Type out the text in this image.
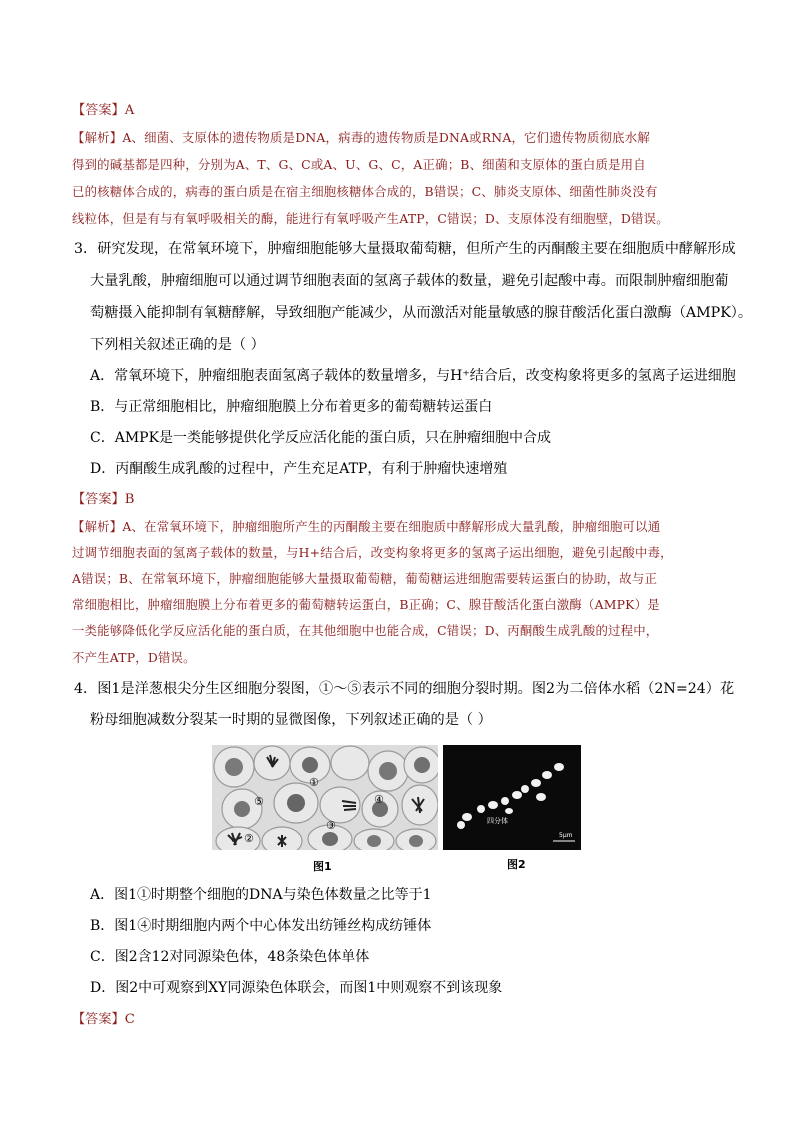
【答案】A
【解析】A、细菌、支原体的遗传物质是DNA，病毒的遗传物质是DNA或RNA，它们遗传物质彻底水解
得到的碱基都是四种，分别为A、T、G、C或A、U、G、C，A正确；B、细菌和支原体的蛋白质是用自
已的核糖体合成的，病毒的蛋白质是在宿主细胞核糖体合成的，B错误；C、肺炎支原体、细菌性肺炎没有
线粒体，但是有与有氧呼吸相关的酶，能进行有氧呼吸产生ATP，C错误；D、支原体没有细胞壁，D错误。
3．研究发现，在常氧环境下，肿瘤细胞能够大量摄取葡萄糖，但所产生的丙酮酸主要在细胞质中酵解形成
大量乳酸，肿瘤细胞可以通过调节细胞表面的氢离子载体的数量，避免引起酸中毒。而限制肿瘤细胞葡
萄糖摄入能抑制有氧糖酵解，导致细胞产能减少，从而激活对能量敏感的腺苷酸活化蛋白激酶（AMPK）。
下列相关叙述正确的是（ ）
A．常氧环境下，肿瘤细胞表面氢离子载体的数量增多，与H⁺结合后，改变构象将更多的氢离子运进细胞
B．与正常细胞相比，肿瘤细胞膜上分布着更多的葡萄糖转运蛋白
C．AMPK是一类能够提供化学反应活化能的蛋白质，只在肿瘤细胞中合成
D．丙酮酸生成乳酸的过程中，产生充足ATP，有利于肿瘤快速增殖
【答案】B
【解析】A、在常氧环境下，肿瘤细胞所产生的丙酮酸主要在细胞质中酵解形成大量乳酸，肿瘤细胞可以通
过调节细胞表面的氢离子载体的数量，与H+结合后，改变构象将更多的氢离子运出细胞，避免引起酸中毒，
A错误；B、在常氧环境下，肿瘤细胞能够大量摄取葡萄糖，葡萄糖运进细胞需要转运蛋白的协助，故与正
常细胞相比，肿瘤细胞膜上分布着更多的葡萄糖转运蛋白，B正确；C、腺苷酸活化蛋白激酶（AMPK）是
一类能够降低化学反应活化能的蛋白质，在其他细胞中也能合成，C错误；D、丙酮酸生成乳酸的过程中，
不产生ATP，D错误。
4．图1是洋葱根尖分生区细胞分裂图，①～⑤表示不同的细胞分裂时期。图2为二倍体水稻（2N=24）花
粉母细胞减数分裂某一时期的显微图像，下列叙述正确的是（ ）
①
②
③
④
⑤
图1
四分体
5μm
图2
A．图1①时期整个细胞的DNA与染色体数量之比等于1
B．图1④时期细胞内两个中心体发出纺锤丝构成纺锤体
C．图2含12对同源染色体，48条染色体单体
D．图2中可观察到XY同源染色体联会，而图1中则观察不到该现象
【答案】C
